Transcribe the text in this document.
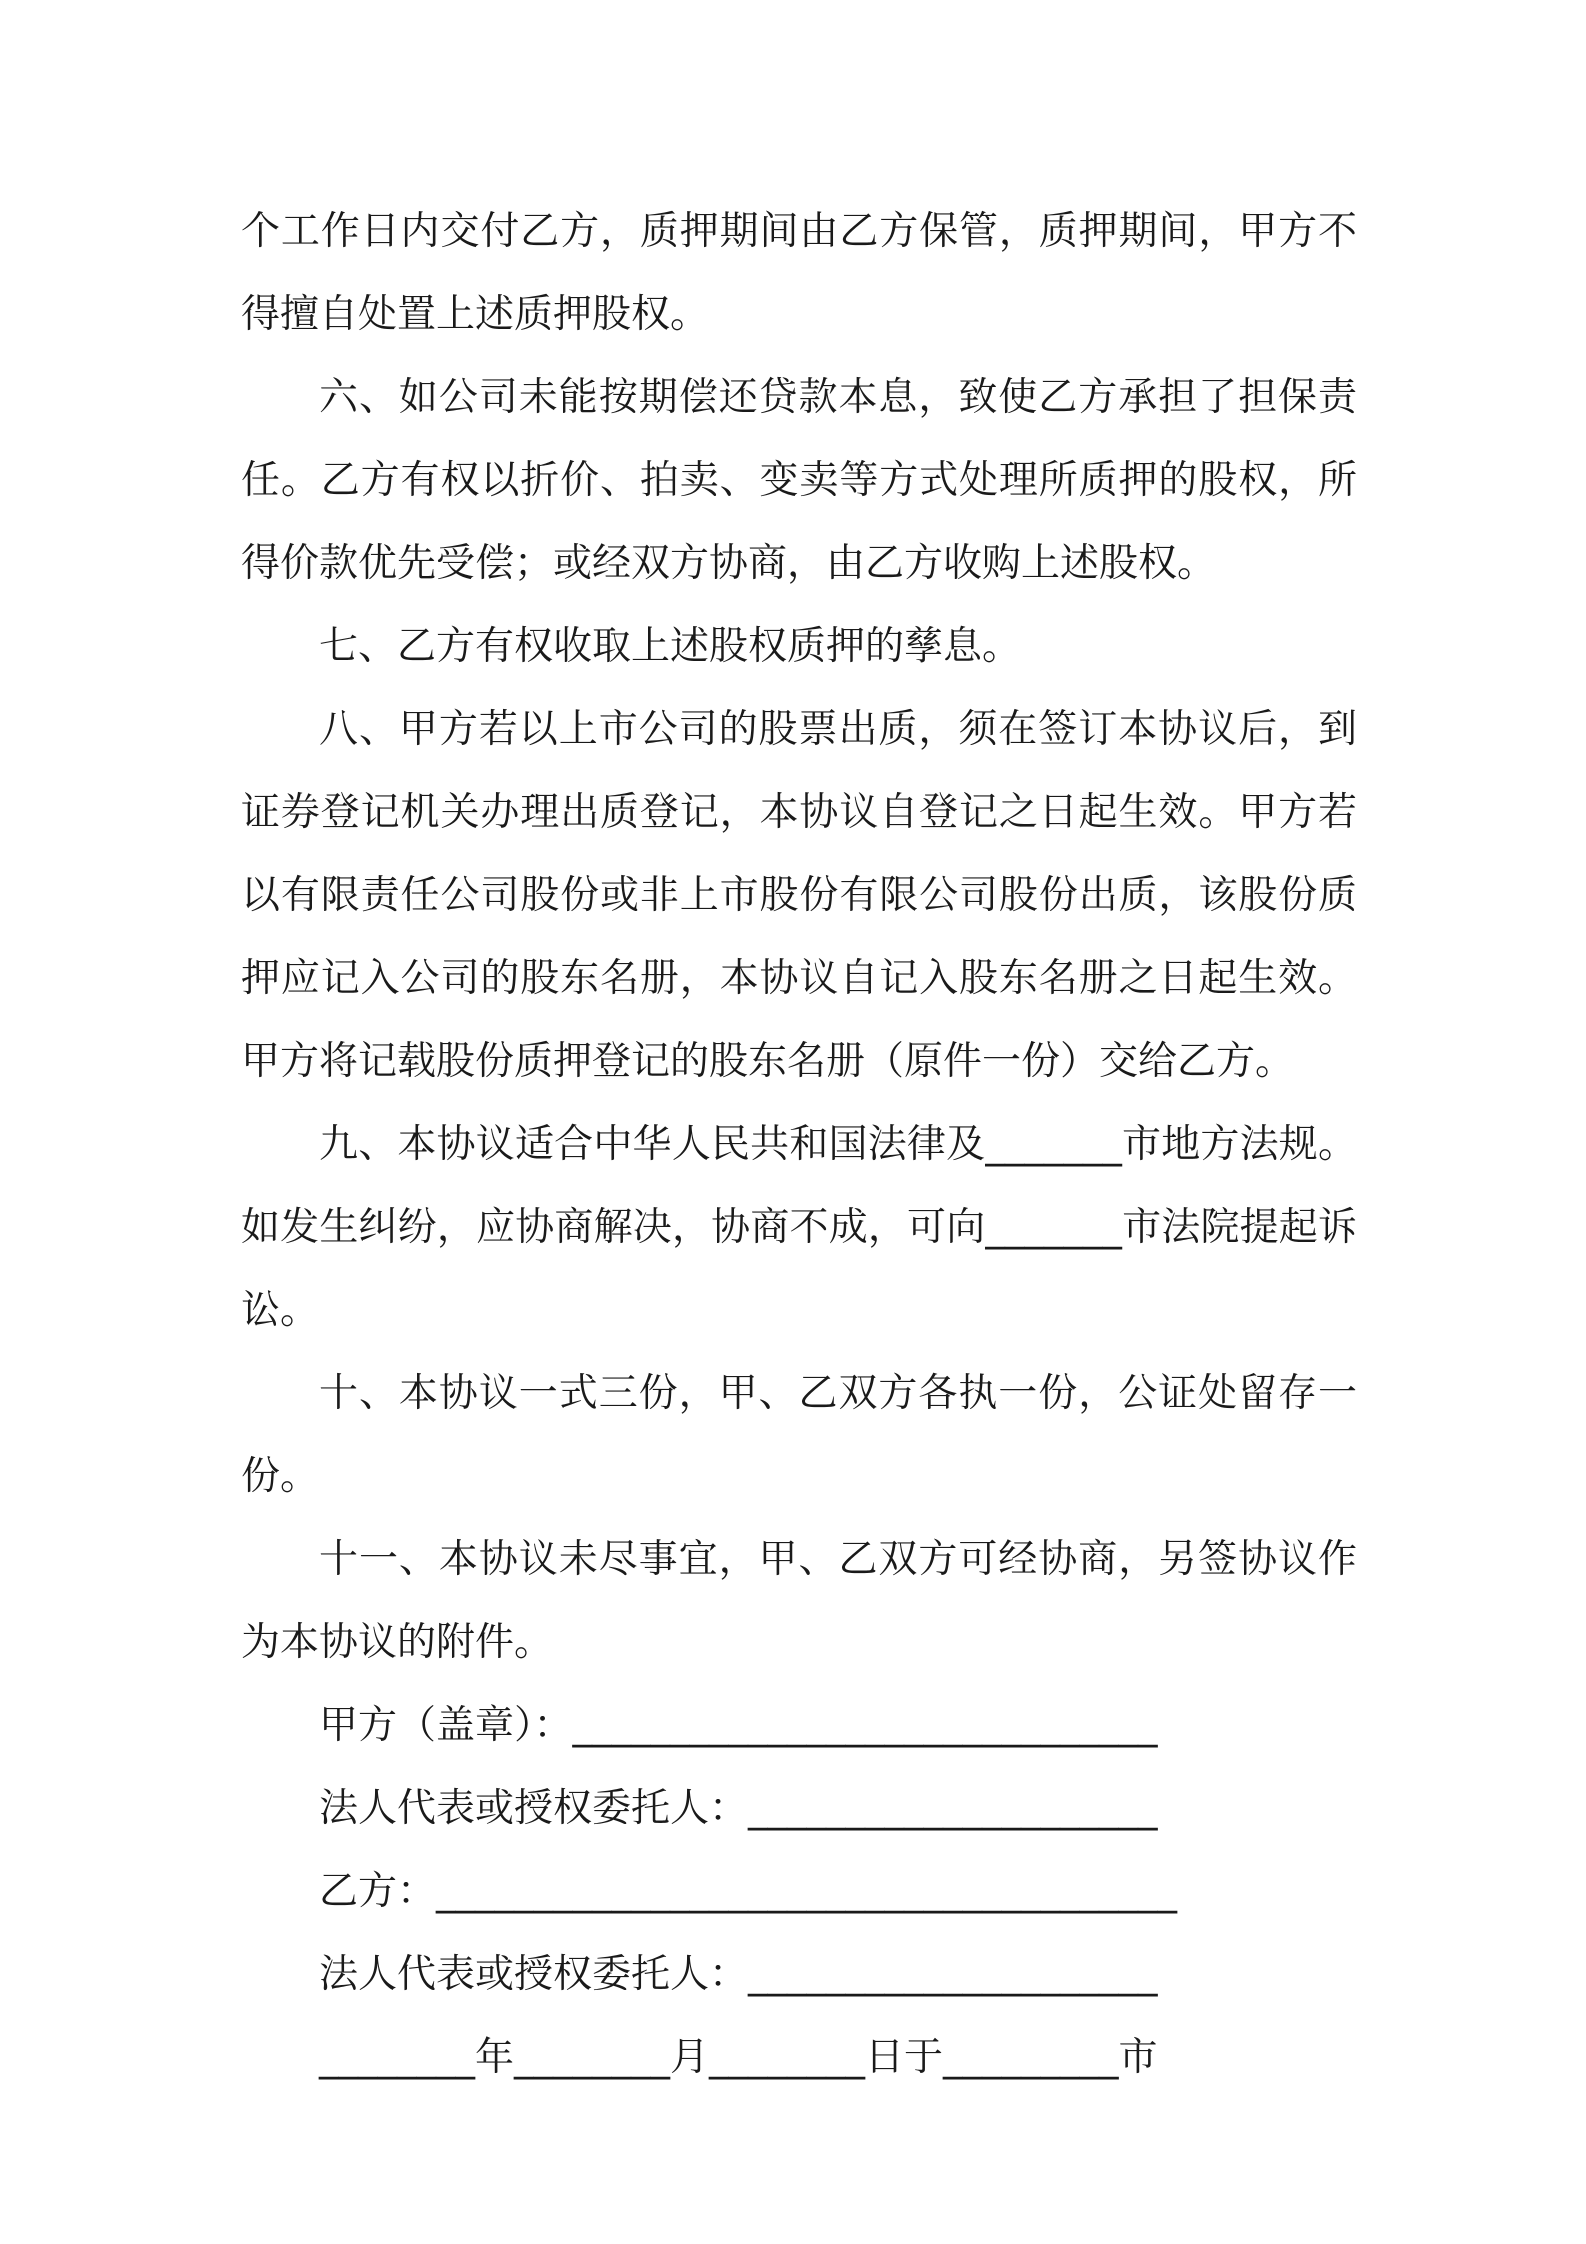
个工作日内交付乙方，质押期间由乙方保管，质押期间，甲方不得擅自处置上述质押股权。

六、如公司未能按期偿还贷款本息，致使乙方承担了担保责任。乙方有权以折价、拍卖、变卖等方式处理所质押的股权，所得价款优先受偿；或经双方协商，由乙方收购上述股权。

七、乙方有权收取上述股权质押的孳息。

八、甲方若以上市公司的股票出质，须在签订本协议后，到证券登记机关办理出质登记，本协议自登记之日起生效。甲方若以有限责任公司股份或非上市股份有限公司股份出质，该股份质押应记入公司的股东名册，本协议自记入股东名册之日起生效。甲方将记载股份质押登记的股东名册（原件一份）交给乙方。

九、本协议适合中华人民共和国法律及_______市地方法规。如发生纠纷，应协商解决，协商不成，可向_______市法院提起诉讼。

十、本协议一式三份，甲、乙双方各执一份，公证处留存一份。

十一、本协议未尽事宜，甲、乙双方可经协商，另签协议作为本协议的附件。

甲方（盖章）：______________________________

法人代表或授权委托人：_____________________

乙方：______________________________________

法人代表或授权委托人：_____________________

________年________月________日于_________市
